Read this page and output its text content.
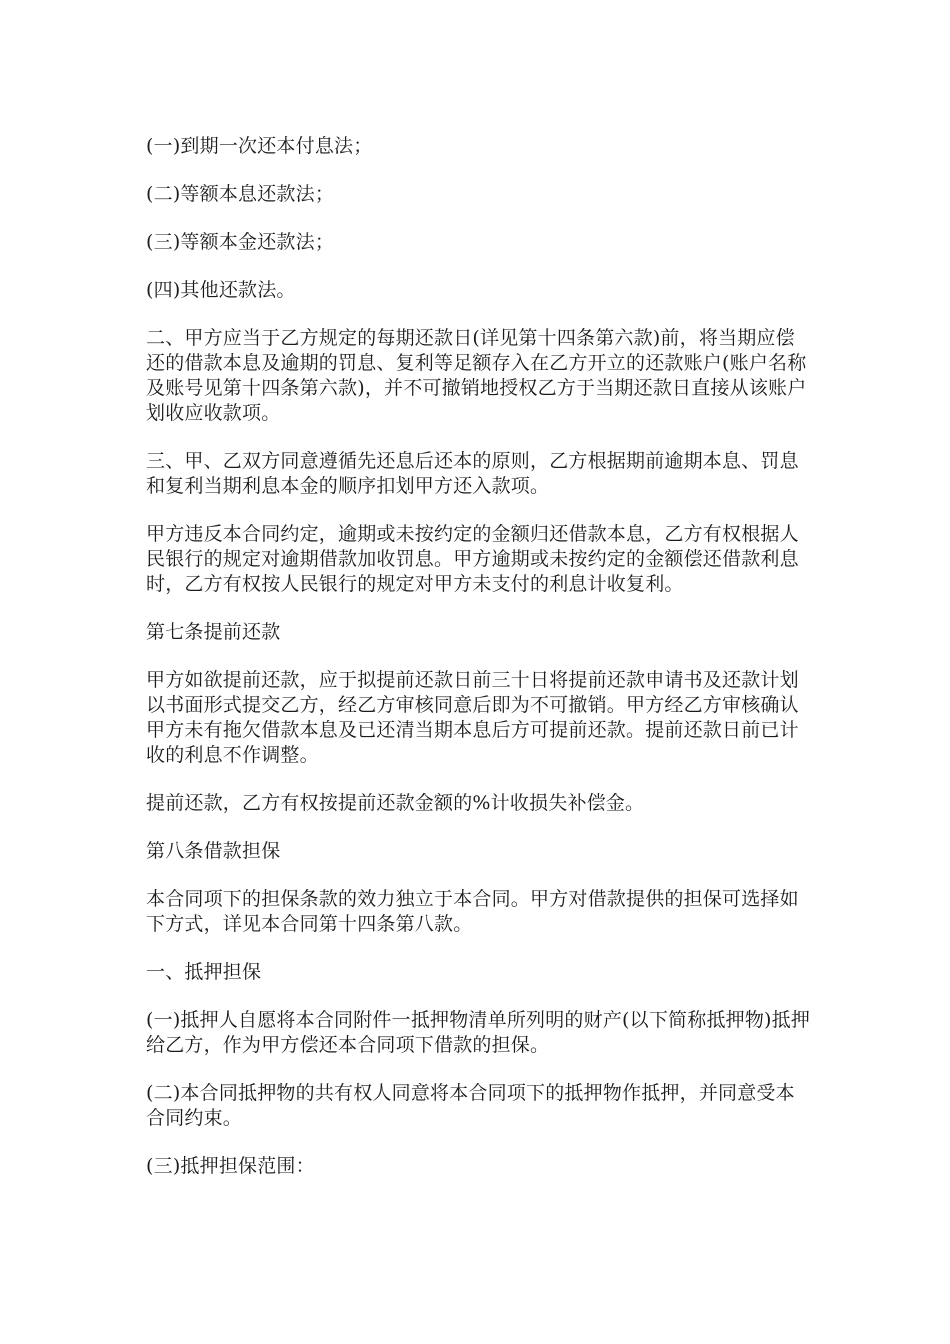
(一)到期一次还本付息法；

(二)等额本息还款法；

(三)等额本金还款法；

(四)其他还款法。

二、甲方应当于乙方规定的每期还款日(详见第十四条第六款)前，将当期应偿还的借款本息及逾期的罚息、复利等足额存入在乙方开立的还款账户(账户名称及账号见第十四条第六款)，并不可撤销地授权乙方于当期还款日直接从该账户划收应收款项。

三、甲、乙双方同意遵循先还息后还本的原则，乙方根据期前逾期本息、罚息和复利当期利息本金的顺序扣划甲方还入款项。

甲方违反本合同约定，逾期或未按约定的金额归还借款本息，乙方有权根据人民银行的规定对逾期借款加收罚息。甲方逾期或未按约定的金额偿还借款利息时，乙方有权按人民银行的规定对甲方未支付的利息计收复利。

第七条提前还款

甲方如欲提前还款，应于拟提前还款日前三十日将提前还款申请书及还款计划以书面形式提交乙方，经乙方审核同意后即为不可撤销。甲方经乙方审核确认甲方未有拖欠借款本息及已还清当期本息后方可提前还款。提前还款日前已计收的利息不作调整。

提前还款，乙方有权按提前还款金额的%计收损失补偿金。

第八条借款担保

本合同项下的担保条款的效力独立于本合同。甲方对借款提供的担保可选择如下方式，详见本合同第十四条第八款。

一、抵押担保

(一)抵押人自愿将本合同附件一抵押物清单所列明的财产(以下简称抵押物)抵押给乙方，作为甲方偿还本合同项下借款的担保。

(二)本合同抵押物的共有权人同意将本合同项下的抵押物作抵押，并同意受本合同约束。

(三)抵押担保范围：
